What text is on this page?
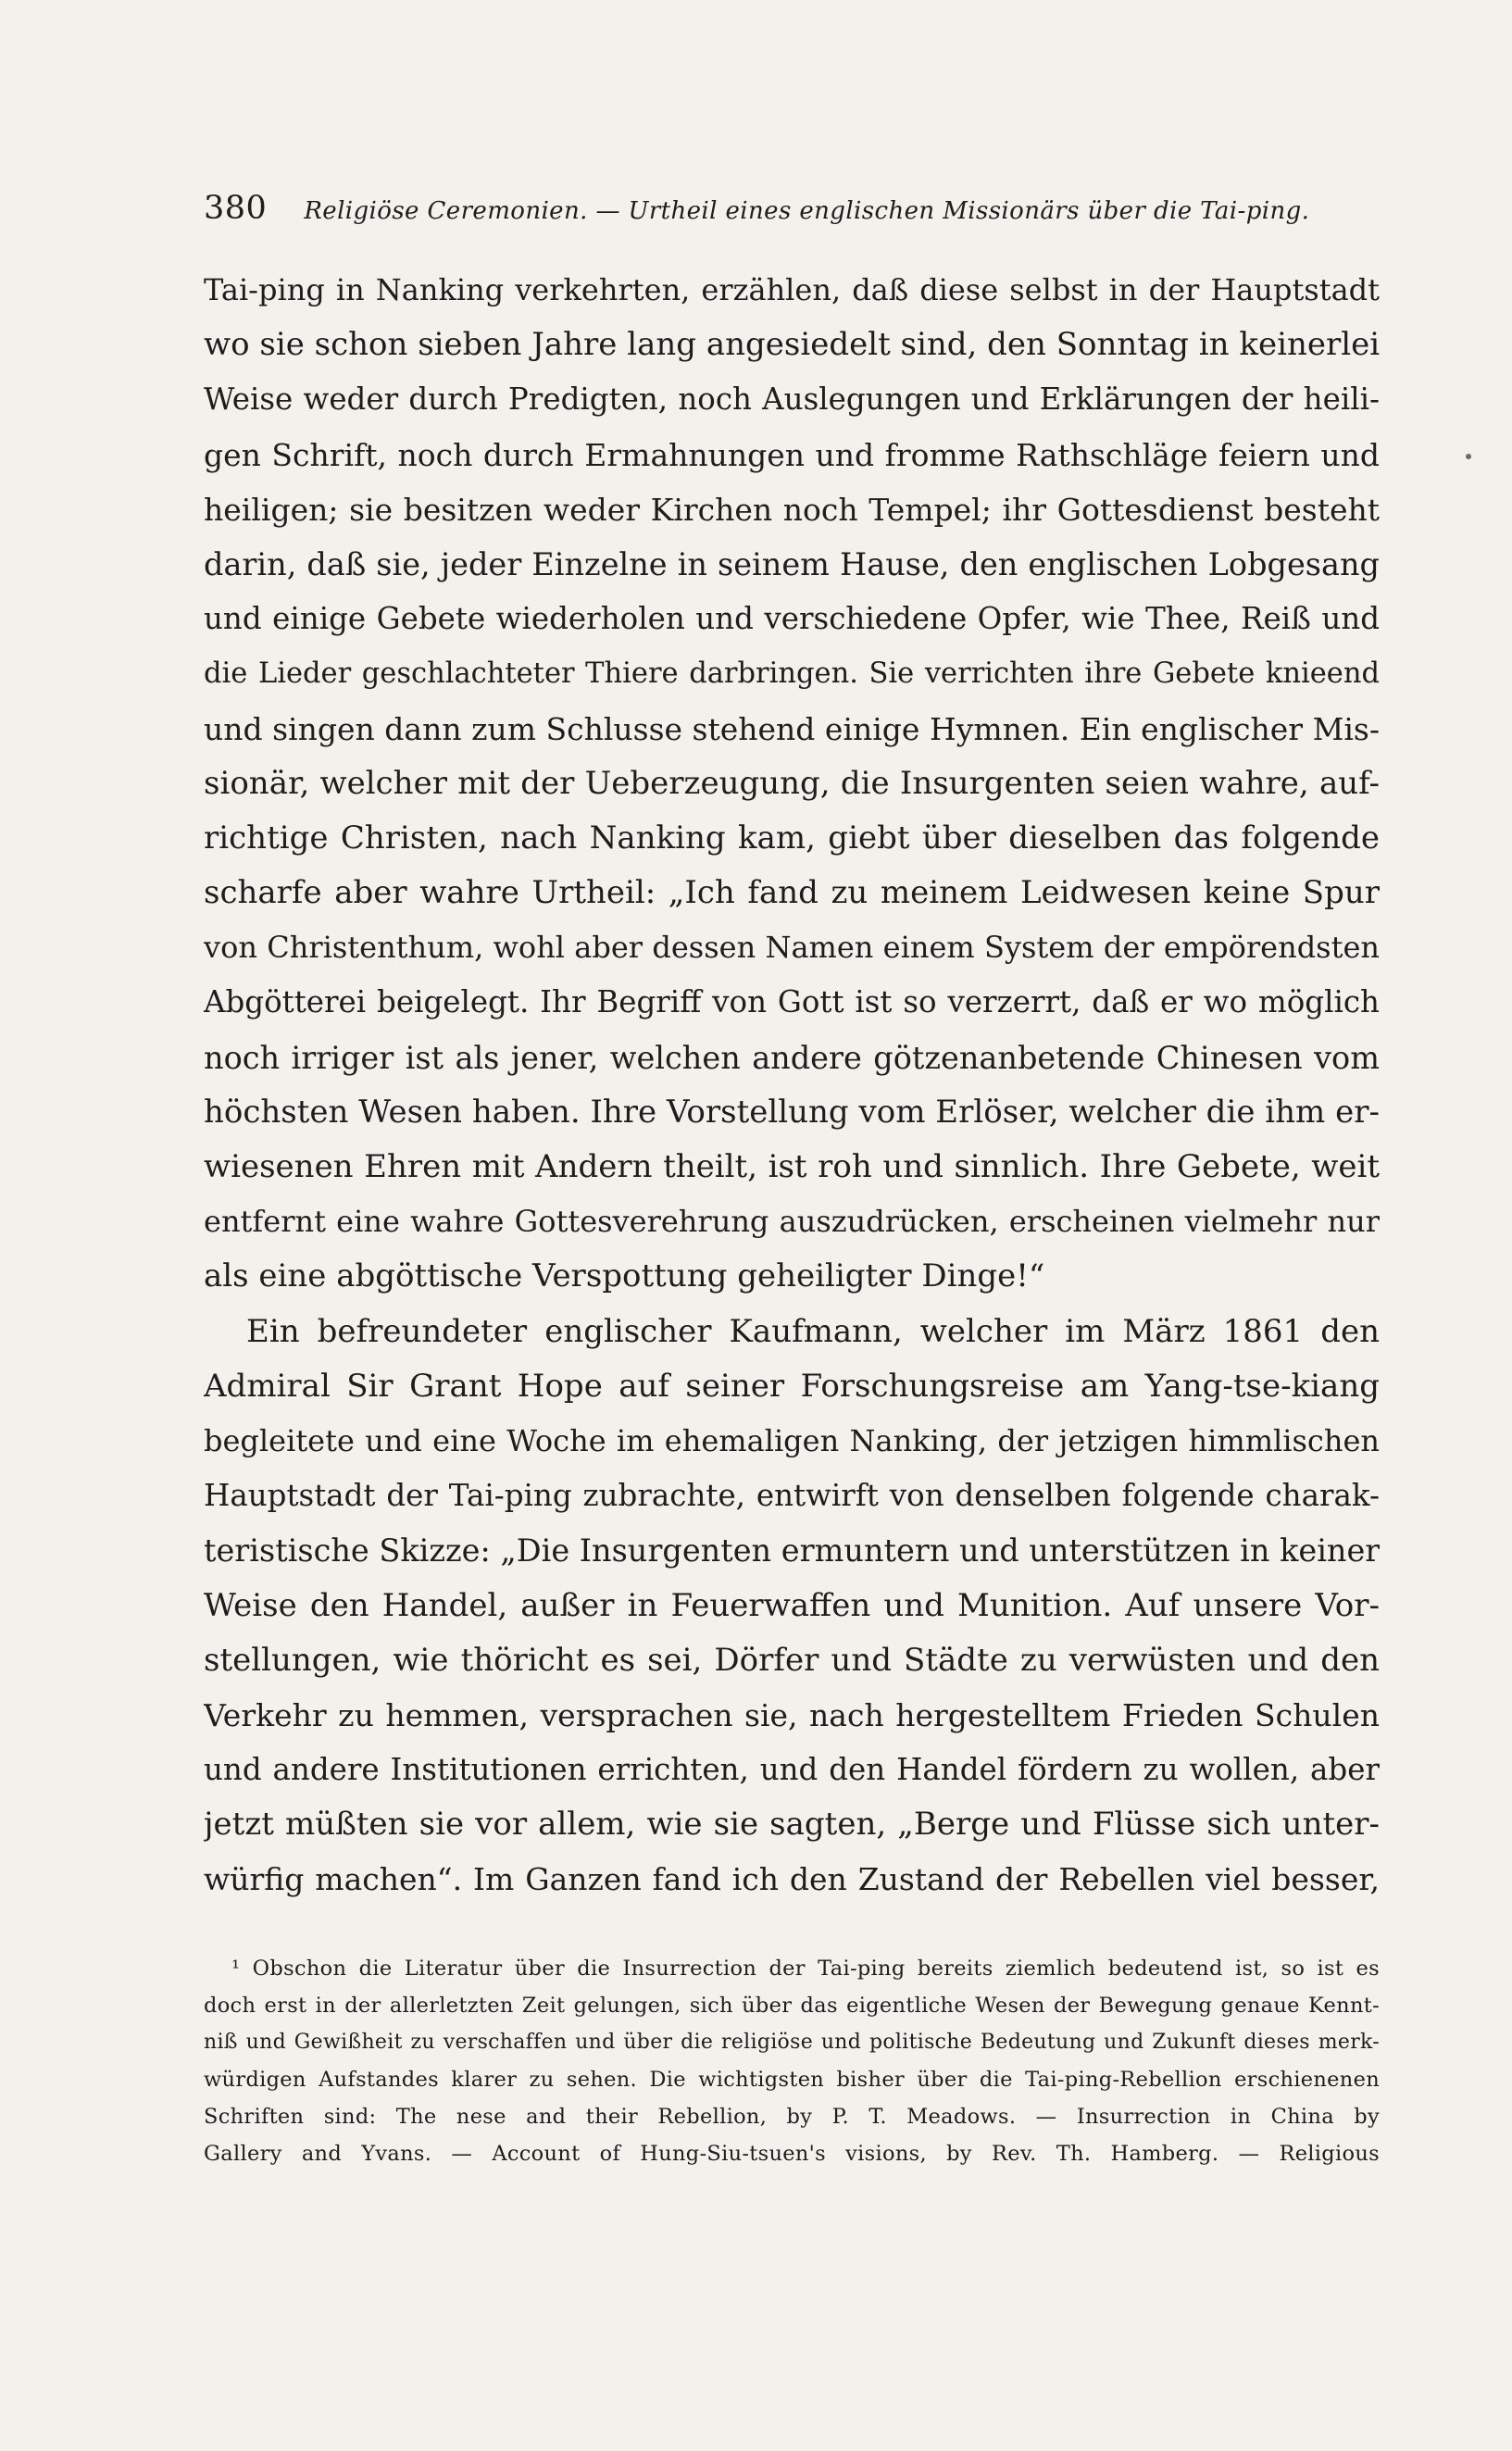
380 Religiöse Ceremonien. — Urtheil eines englischen Missionärs über die Tai-ping.
Tai-ping in Nanking verkehrten, erzählen, daß diese selbst in der Hauptstadt
wo sie schon sieben Jahre lang angesiedelt sind, den Sonntag in keinerlei
Weise weder durch Predigten, noch Auslegungen und Erklärungen der heili-
gen Schrift, noch durch Ermahnungen und fromme Rathschläge feiern und
heiligen; sie besitzen weder Kirchen noch Tempel; ihr Gottesdienst besteht
darin, daß sie, jeder Einzelne in seinem Hause, den englischen Lobgesang
und einige Gebete wiederholen und verschiedene Opfer, wie Thee, Reiß und
die Lieder geschlachteter Thiere darbringen. Sie verrichten ihre Gebete knieend
und singen dann zum Schlusse stehend einige Hymnen. Ein englischer Mis-
sionär, welcher mit der Ueberzeugung, die Insurgenten seien wahre, auf-
richtige Christen, nach Nanking kam, giebt über dieselben das folgende
scharfe aber wahre Urtheil: „Ich fand zu meinem Leidwesen keine Spur
von Christenthum, wohl aber dessen Namen einem System der empörendsten
Abgötterei beigelegt. Ihr Begriff von Gott ist so verzerrt, daß er wo möglich
noch irriger ist als jener, welchen andere götzenanbetende Chinesen vom
höchsten Wesen haben. Ihre Vorstellung vom Erlöser, welcher die ihm er-
wiesenen Ehren mit Andern theilt, ist roh und sinnlich. Ihre Gebete, weit
entfernt eine wahre Gottesverehrung auszudrücken, erscheinen vielmehr nur
als eine abgöttische Verspottung geheiligter Dinge!“
Ein befreundeter englischer Kaufmann, welcher im März 1861 den
Admiral Sir Grant Hope auf seiner Forschungsreise am Yang-tse-kiang
begleitete und eine Woche im ehemaligen Nanking, der jetzigen himmlischen
Hauptstadt der Tai-ping zubrachte, entwirft von denselben folgende charak-
teristische Skizze: „Die Insurgenten ermuntern und unterstützen in keiner
Weise den Handel, außer in Feuerwaffen und Munition. Auf unsere Vor-
stellungen, wie thöricht es sei, Dörfer und Städte zu verwüsten und den
Verkehr zu hemmen, versprachen sie, nach hergestelltem Frieden Schulen
und andere Institutionen errichten, und den Handel fördern zu wollen, aber
jetzt müßten sie vor allem, wie sie sagten, „Berge und Flüsse sich unter-
würfig machen“. Im Ganzen fand ich den Zustand der Rebellen viel besser,
¹ Obschon die Literatur über die Insurrection der Tai-ping bereits ziemlich bedeutend ist, so ist es
doch erst in der allerletzten Zeit gelungen, sich über das eigentliche Wesen der Bewegung genaue Kennt-
niß und Gewißheit zu verschaffen und über die religiöse und politische Bedeutung und Zukunft dieses merk-
würdigen Aufstandes klarer zu sehen. Die wichtigsten bisher über die Tai-ping-Rebellion erschienenen
Schriften sind: The nese and their Rebellion, by P. T. Meadows. — Insurrection in China by
Gallery and Yvans. — Account of Hung-Siu-tsuen's visions, by Rev. Th. Hamberg. — Religious
